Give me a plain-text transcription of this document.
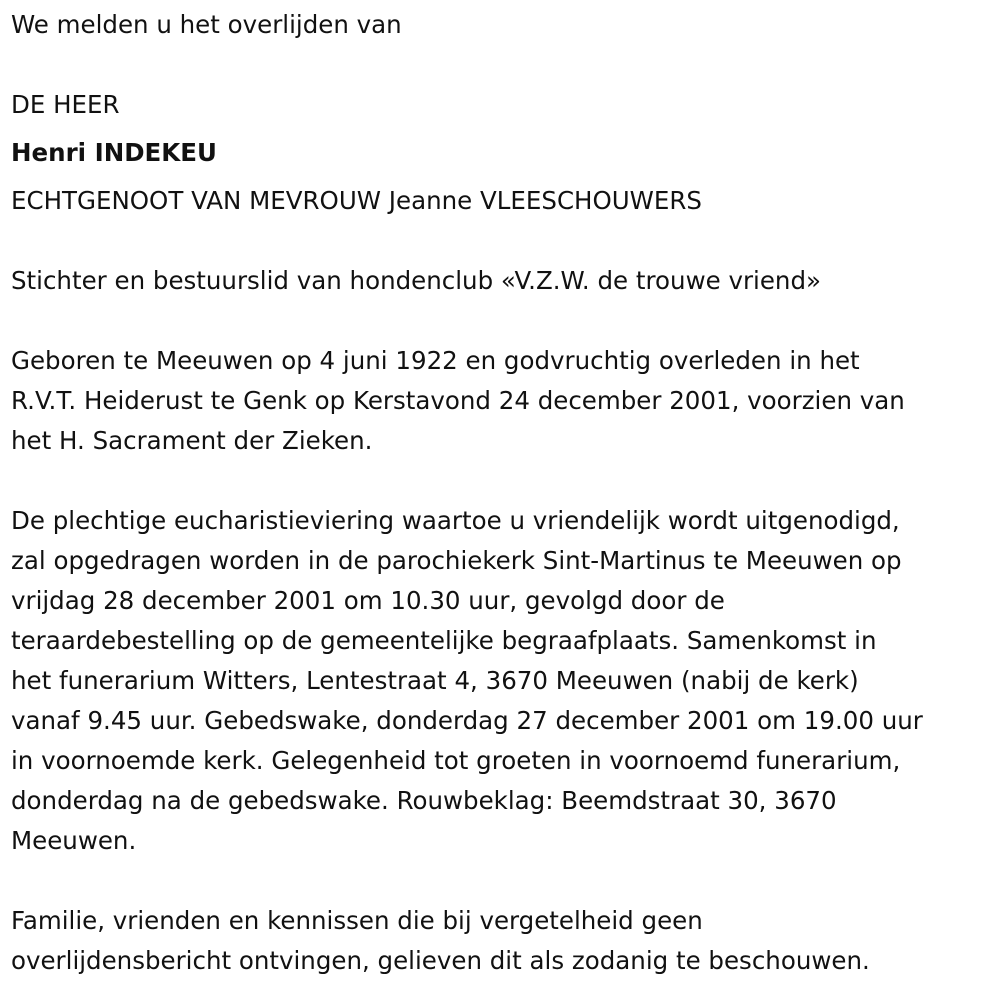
We melden u het overlijden van
DE HEER
Henri INDEKEU
ECHTGENOOT VAN MEVROUW Jeanne VLEESCHOUWERS
Stichter en bestuurslid van hondenclub «V.Z.W. de trouwe vriend»
Geboren te Meeuwen op 4 juni 1922 en godvruchtig overleden in het
R.V.T. Heiderust te Genk op Kerstavond 24 december 2001, voorzien van
het H. Sacrament der Zieken.
De plechtige eucharistieviering waartoe u vriendelijk wordt uitgenodigd,
zal opgedragen worden in de parochiekerk Sint-Martinus te Meeuwen op
vrijdag 28 december 2001 om 10.30 uur, gevolgd door de
teraardebestelling op de gemeentelijke begraafplaats. Samenkomst in
het funerarium Witters, Lentestraat 4, 3670 Meeuwen (nabij de kerk)
vanaf 9.45 uur. Gebedswake, donderdag 27 december 2001 om 19.00 uur
in voornoemde kerk. Gelegenheid tot groeten in voornoemd funerarium,
donderdag na de gebedswake. Rouwbeklag: Beemdstraat 30, 3670
Meeuwen.
Familie, vrienden en kennissen die bij vergetelheid geen
overlijdensbericht ontvingen, gelieven dit als zodanig te beschouwen.
